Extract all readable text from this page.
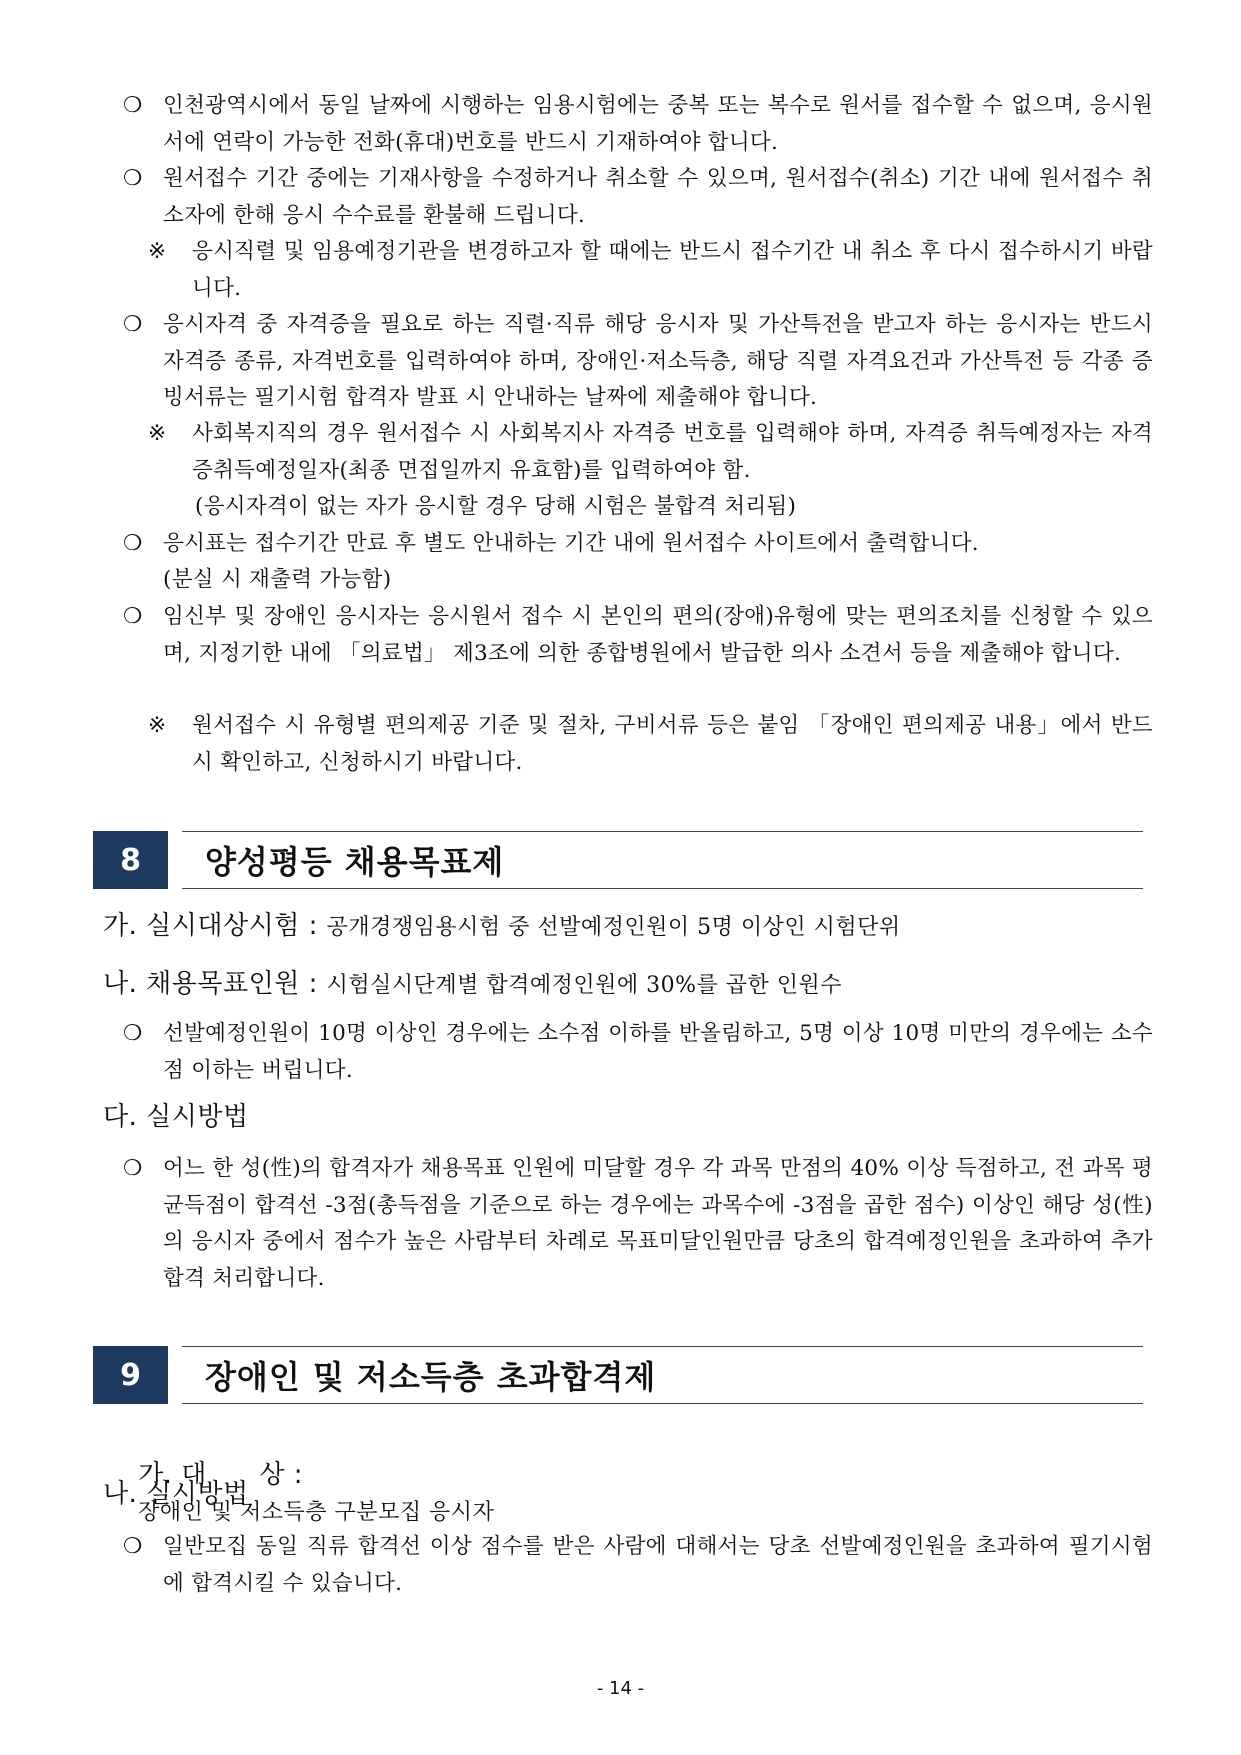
❍ 인천광역시에서 동일 날짜에 시행하는 임용시험에는 중복 또는 복수로 원서를 접수할 수 없으며, 응시원서에 연락이 가능한 전화(휴대)번호를 반드시 기재하여야 합니다.
❍ 원서접수 기간 중에는 기재사항을 수정하거나 취소할 수 있으며, 원서접수(취소) 기간 내에 원서접수 취소자에 한해 응시 수수료를 환불해 드립니다.
※	응시직렬 및 임용예정기관을 변경하고자 할 때에는 반드시 접수기간 내 취소 후 다시 접수하시기 바랍니다.
❍ 응시자격 중 자격증을 필요로 하는 직렬·직류 해당 응시자 및 가산특전을 받고자 하는 응시자는 반드시 자격증 종류, 자격번호를 입력하여야 하며, 장애인·저소득층, 해당 직렬 자격요건과 가산특전 등 각종 증빙서류는 필기시험 합격자 발표 시 안내하는 날짜에 제출해야 합니다.
※	사회복지직의 경우 원서접수 시 사회복지사 자격증 번호를 입력해야 하며, 자격증 취득예정자는 자격증취득예정일자(최종 면접일까지 유효함)를 입력하여야 함.
(응시자격이 없는 자가 응시할 경우 당해 시험은 불합격 처리됨)
❍ 응시표는 접수기간 만료 후 별도 안내하는 기간 내에 원서접수 사이트에서 출력합니다.
(분실 시 재출력 가능함)
❍ 임신부 및 장애인 응시자는 응시원서 접수 시 본인의 편의(장애)유형에 맞는 편의조치를 신청할 수 있으며, 지정기한 내에 「의료법」 제3조에 의한 종합병원에서 발급한 의사 소견서 등을 제출해야 합니다.
※	원서접수 시 유형별 편의제공 기준 및 절차, 구비서류 등은 붙임 「장애인 편의제공 내용」에서 반드시 확인하고, 신청하시기 바랍니다.
8	양성평등 채용목표제
가. 실시대상시험 : 공개경쟁임용시험 중 선발예정인원이 5명 이상인 시험단위
나. 채용목표인원 : 시험실시단계별 합격예정인원에 30%를 곱한 인원수
❍ 선발예정인원이 10명 이상인 경우에는 소수점 이하를 반올림하고, 5명 이상 10명 미만의 경우에는 소수점 이하는 버립니다.
다. 실시방법
❍ 어느 한 성(性)의 합격자가 채용목표 인원에 미달할 경우 각 과목 만점의 40% 이상 득점하고, 전 과목 평균득점이 합격선 -3점(총득점을 기준으로 하는 경우에는 과목수에 -3점을 곱한 점수) 이상인 해당 성(性)의 응시자 중에서 점수가 높은 사람부터 차례로 목표미달인원만큼 당초의 합격예정인원을 초과하여 추가합격 처리합니다.
9	장애인 및 저소득층 초과합격제

가. 대      상 :
장애인 및 저소득층 구분모집 응시자

나. 실시방법
❍ 일반모집 동일 직류 합격선 이상 점수를 받은 사람에 대해서는 당초 선발예정인원을 초과하여 필기시험에 합격시킬 수 있습니다.
- 14 -
